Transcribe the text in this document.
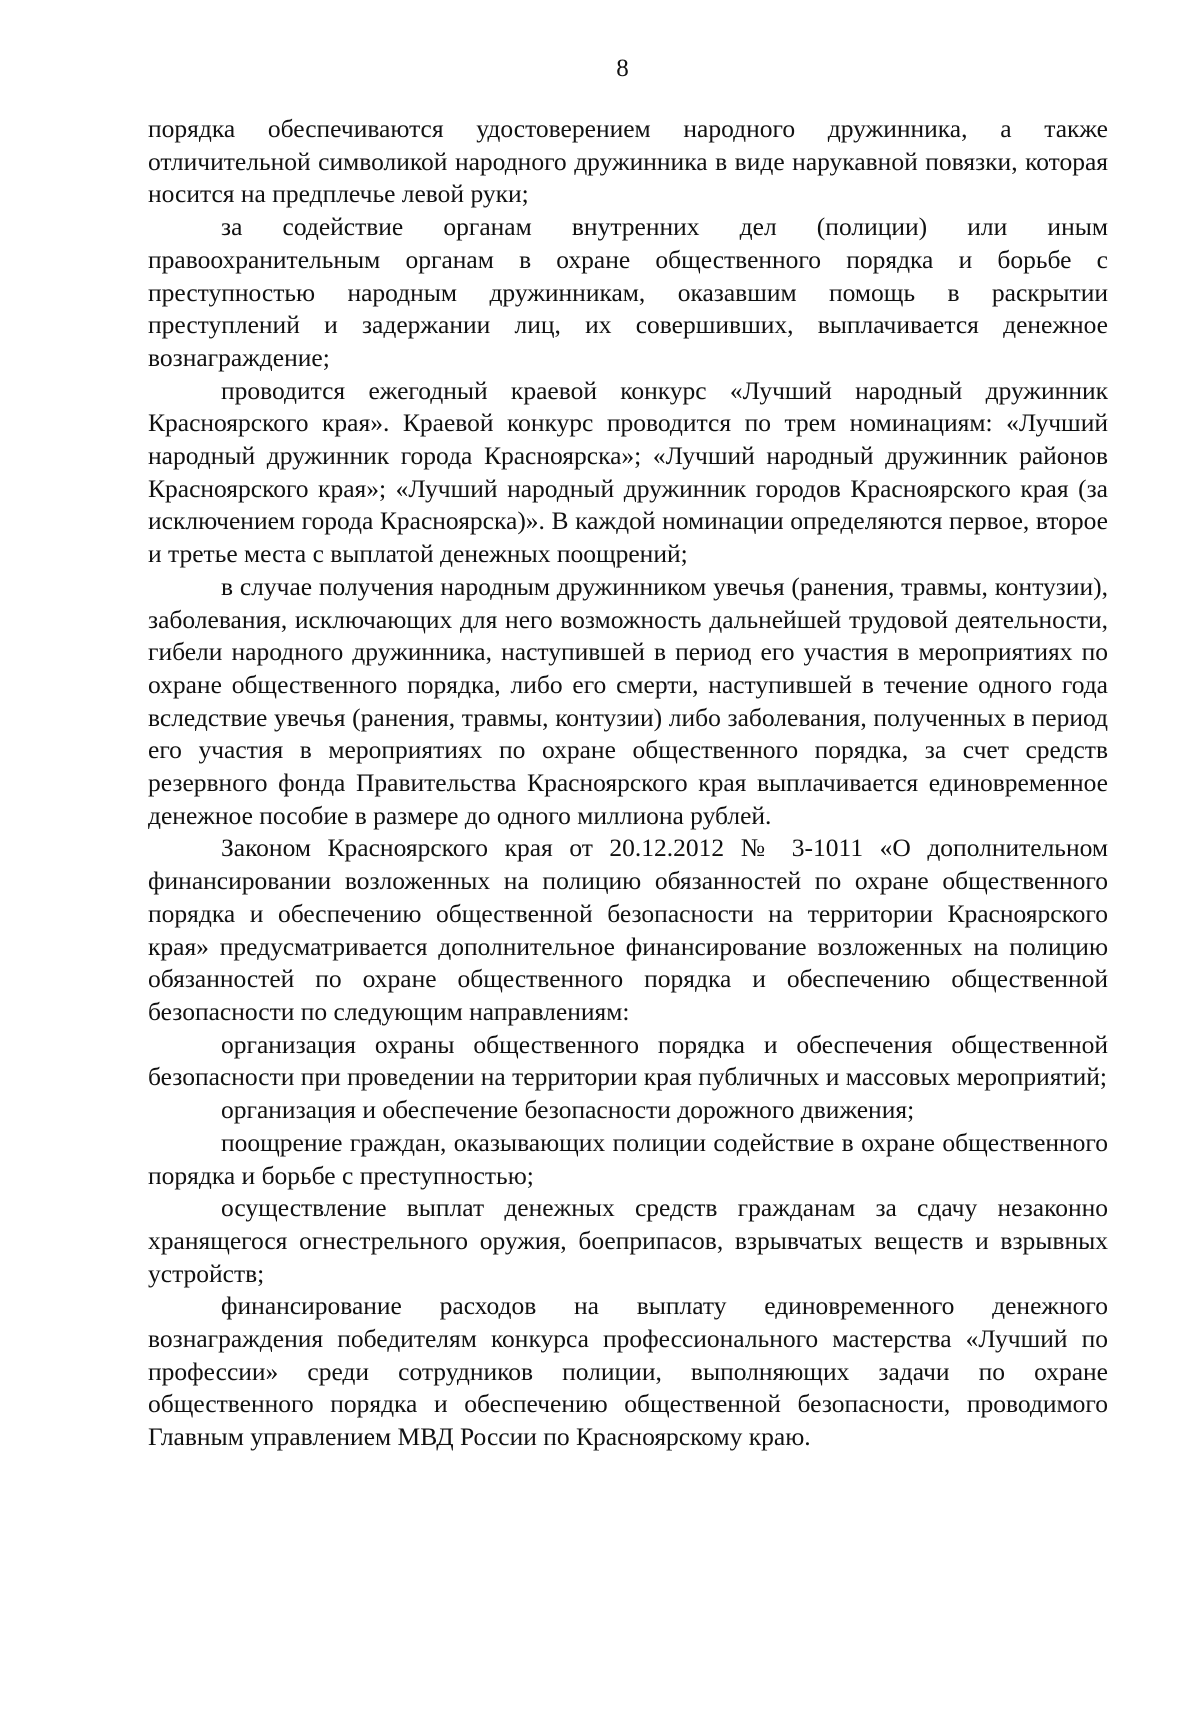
8

порядка обеспечиваются удостоверением народного дружинника, а также отличительной символикой народного дружинника в виде нарукавной повязки, которая носится на предплечье левой руки;

за содействие органам внутренних дел (полиции) или иным правоохранительным органам в охране общественного порядка и борьбе с преступностью народным дружинникам, оказавшим помощь в раскрытии преступлений и задержании лиц, их совершивших, выплачивается денежное вознаграждение;

проводится ежегодный краевой конкурс «Лучший народный дружинник Красноярского края». Краевой конкурс проводится по трем номинациям: «Лучший народный дружинник города Красноярска»; «Лучший народный дружинник районов Красноярского края»; «Лучший народный дружинник городов Красноярского края (за исключением города Красноярска)». В каждой номинации определяются первое, второе и третье места с выплатой денежных поощрений;

в случае получения народным дружинником увечья (ранения, травмы, контузии), заболевания, исключающих для него возможность дальнейшей трудовой деятельности, гибели народного дружинника, наступившей в период его участия в мероприятиях по охране общественного порядка, либо его смерти, наступившей в течение одного года вследствие увечья (ранения, травмы, контузии) либо заболевания, полученных в период его участия в мероприятиях по охране общественного порядка, за счет средств резервного фонда Правительства Красноярского края выплачивается единовременное денежное пособие в размере до одного миллиона рублей.

Законом Красноярского края от 20.12.2012 № 3-1011 «О дополнительном финансировании возложенных на полицию обязанностей по охране общественного порядка и обеспечению общественной безопасности на территории Красноярского края» предусматривается дополнительное финансирование возложенных на полицию обязанностей по охране общественного порядка и обеспечению общественной безопасности по следующим направлениям:

организация охраны общественного порядка и обеспечения общественной безопасности при проведении на территории края публичных и массовых мероприятий;

организация и обеспечение безопасности дорожного движения;

поощрение граждан, оказывающих полиции содействие в охране общественного порядка и борьбе с преступностью;

осуществление выплат денежных средств гражданам за сдачу незаконно хранящегося огнестрельного оружия, боеприпасов, взрывчатых веществ и взрывных устройств;

финансирование расходов на выплату единовременного денежного вознаграждения победителям конкурса профессионального мастерства «Лучший по профессии» среди сотрудников полиции, выполняющих задачи по охране общественного порядка и обеспечению общественной безопасности, проводимого Главным управлением МВД России по Красноярскому краю.
